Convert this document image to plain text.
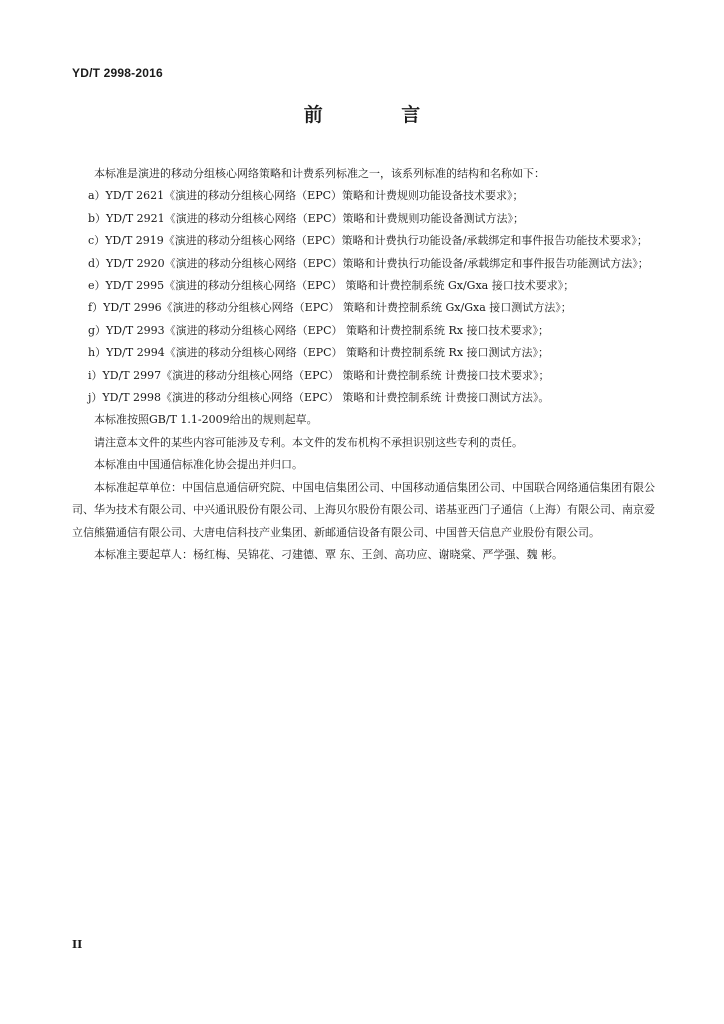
YD/T 2998-2016
前 言

本标准是演进的移动分组核心网络策略和计费系列标准之一，该系列标准的结构和名称如下：

a）YD/T 2621《演进的移动分组核心网络（EPC）策略和计费规则功能设备技术要求》；

b）YD/T 2921《演进的移动分组核心网络（EPC）策略和计费规则功能设备测试方法》；

c）YD/T 2919《演进的移动分组核心网络（EPC）策略和计费执行功能设备/承载绑定和事件报告功能技术要求》；

d）YD/T 2920《演进的移动分组核心网络（EPC）策略和计费执行功能设备/承载绑定和事件报告功能测试方法》；

e）YD/T 2995《演进的移动分组核心网络（EPC） 策略和计费控制系统 Gx/Gxa 接口技术要求》；

f）YD/T 2996《演进的移动分组核心网络（EPC） 策略和计费控制系统 Gx/Gxa 接口测试方法》；

g）YD/T 2993《演进的移动分组核心网络（EPC） 策略和计费控制系统 Rx 接口技术要求》；

h）YD/T 2994《演进的移动分组核心网络（EPC） 策略和计费控制系统 Rx 接口测试方法》；

i）YD/T 2997《演进的移动分组核心网络（EPC） 策略和计费控制系统 计费接口技术要求》；

j）YD/T 2998《演进的移动分组核心网络（EPC） 策略和计费控制系统 计费接口测试方法》。

本标准按照GB/T 1.1-2009给出的规则起草。

请注意本文件的某些内容可能涉及专利。本文件的发布机构不承担识别这些专利的责任。

本标准由中国通信标准化协会提出并归口。

本标准起草单位：中国信息通信研究院、中国电信集团公司、中国移动通信集团公司、中国联合网络通信集团有限公司、华为技术有限公司、中兴通讯股份有限公司、上海贝尔股份有限公司、诺基亚西门子通信（上海）有限公司、南京爱立信熊猫通信有限公司、大唐电信科技产业集团、新邮通信设备有限公司、中国普天信息产业股份有限公司。

本标准主要起草人：杨红梅、吴锦花、刁建德、覃 东、王剑、高功应、谢晓棠、严学强、魏 彬。

II
